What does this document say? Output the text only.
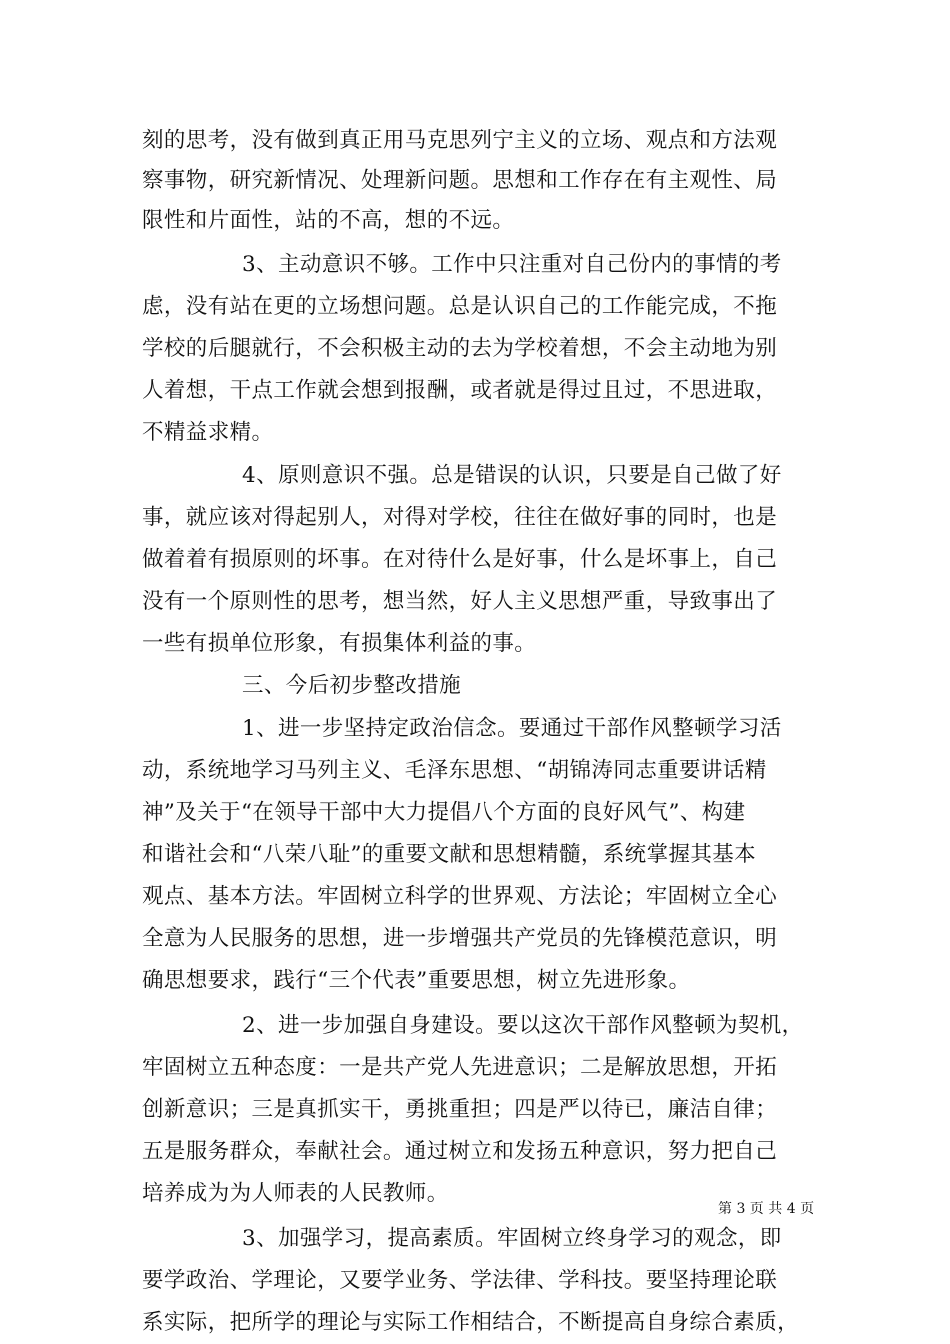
刻的思考，没有做到真正用马克思列宁主义的立场、观点和方法观
察事物，研究新情况、处理新问题。思想和工作存在有主观性、局
限性和片面性，站的不高，想的不远。
3、主动意识不够。工作中只注重对自己份内的事情的考
虑，没有站在更的立场想问题。总是认识自己的工作能完成，不拖
学校的后腿就行，不会积极主动的去为学校着想，不会主动地为别
人着想，干点工作就会想到报酬，或者就是得过且过，不思进取，
不精益求精。
4、原则意识不强。总是错误的认识，只要是自己做了好
事，就应该对得起别人，对得对学校，往往在做好事的同时，也是
做着着有损原则的坏事。在对待什么是好事，什么是坏事上，自己
没有一个原则性的思考，想当然，好人主义思想严重，导致事出了
一些有损单位形象，有损集体利益的事。
三、今后初步整改措施
1、进一步坚持定政治信念。要通过干部作风整顿学习活
动，系统地学习马列主义、毛泽东思想、“胡锦涛同志重要讲话精
神”及关于“在领导干部中大力提倡八个方面的良好风气”、构建
和谐社会和“八荣八耻”的重要文献和思想精髓，系统掌握其基本
观点、基本方法。牢固树立科学的世界观、方法论；牢固树立全心
全意为人民服务的思想，进一步增强共产党员的先锋模范意识，明
确思想要求，践行“三个代表”重要思想，树立先进形象。
2、进一步加强自身建设。要以这次干部作风整顿为契机，
牢固树立五种态度：一是共产党人先进意识；二是解放思想，开拓
创新意识；三是真抓实干，勇挑重担；四是严以待已，廉洁自律；
五是服务群众，奉献社会。通过树立和发扬五种意识，努力把自己
培养成为为人师表的人民教师。
3、加强学习，提高素质。牢固树立终身学习的观念，即
要学政治、学理论，又要学业务、学法律、学科技。要坚持理论联
系实际，把所学的理论与实际工作相结合，不断提高自身综合素质，
第 3 页 共 4 页
